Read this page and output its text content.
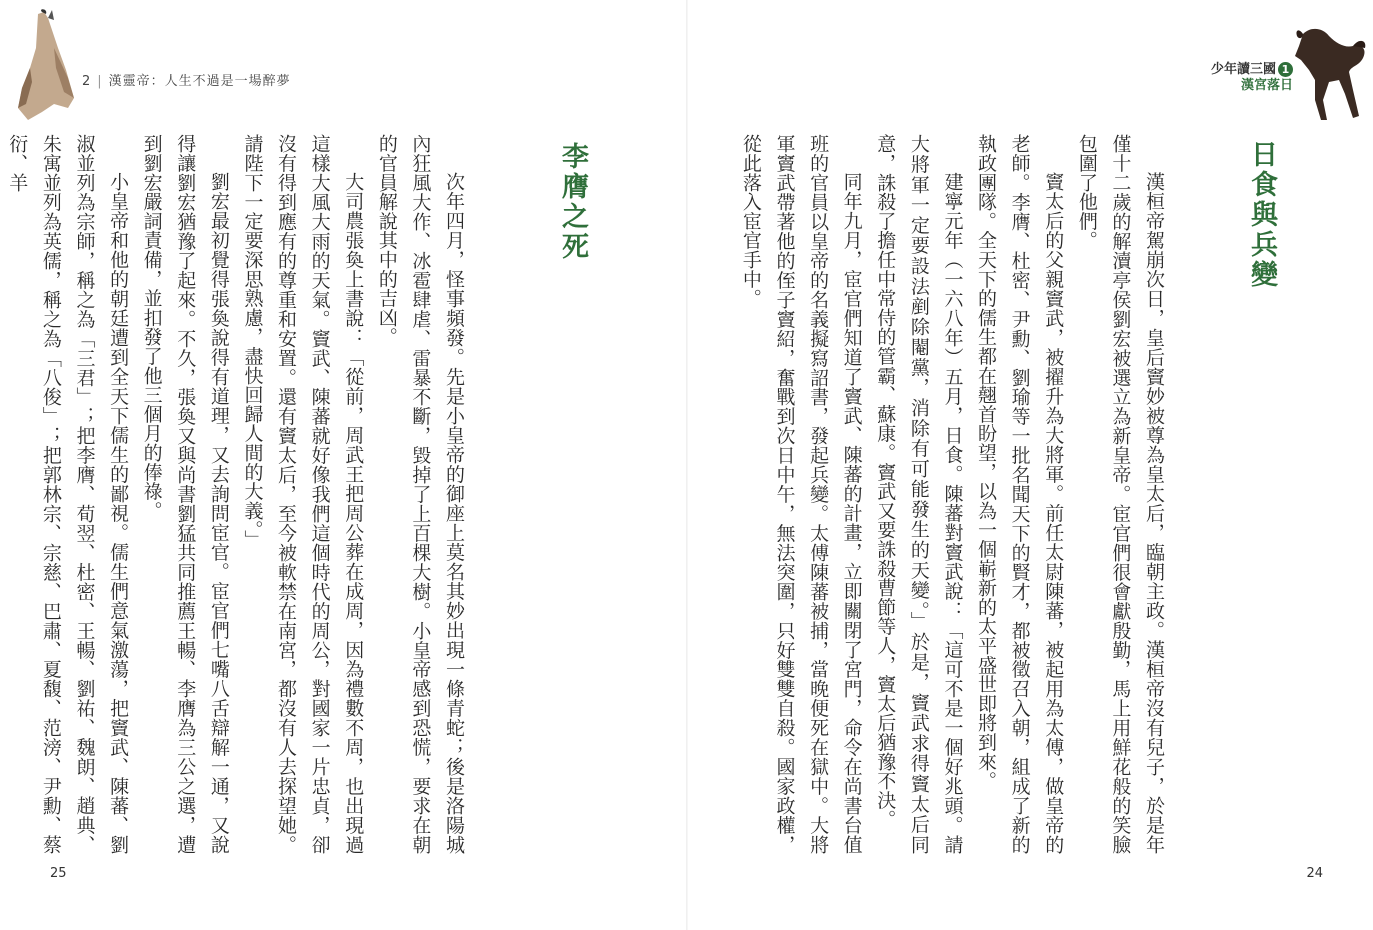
2 | 漢靈帝：人生不過是一場醉夢
少年讀三國 1
漢宮落日
日食與兵變

漢桓帝駕崩次日，皇后竇妙被尊為皇太后，臨朝主政。漢桓帝沒有兒子，於是年僅十二歲的解瀆亭侯劉宏被選立為新皇帝。宦官們很會獻殷勤，馬上用鮮花般的笑臉包圍了他們。

竇太后的父親竇武，被擢升為大將軍。前任太尉陳蕃，被起用為太傅，做皇帝的老師。李膺、杜密、尹勳、劉瑜等一批名聞天下的賢才，都被徵召入朝，組成了新的執政團隊。全天下的儒生都在翹首盼望，以為一個嶄新的太平盛世即將到來。

建寧元年（一六八年）五月，日食。陳蕃對竇武說：「這可不是一個好兆頭。請大將軍一定要設法剷除閹黨，消除有可能發生的天變。」於是，竇武求得竇太后同意，誅殺了擔任中常侍的管霸、蘇康。竇武又要誅殺曹節等人，竇太后猶豫不決。

同年九月，宦官們知道了竇武、陳蕃的計畫，立即關閉了宮門，命令在尚書台值班的官員以皇帝的名義擬寫詔書，發起兵變。太傅陳蕃被捕，當晚便死在獄中。大將軍竇武帶著他的侄子竇紹，奮戰到次日中午，無法突圍，只好雙雙自殺。國家政權，從此落入宦官手中。

李膺之死

次年四月，怪事頻發。先是小皇帝的御座上莫名其妙出現一條青蛇；後是洛陽城內狂風大作、冰雹肆虐、雷暴不斷，毀掉了上百棵大樹。小皇帝感到恐慌，要求在朝的官員解說其中的吉凶。

大司農張奐上書說：「從前，周武王把周公葬在成周，因為禮數不周，也出現過這樣大風大雨的天氣。竇武、陳蕃就好像我們這個時代的周公，對國家一片忠貞，卻沒有得到應有的尊重和安置。還有竇太后，至今被軟禁在南宮，都沒有人去探望她。請陛下一定要深思熟慮，盡快回歸人間的大義。」

劉宏最初覺得張奐說得有道理，又去詢問宦官。宦官們七嘴八舌辯解一通，又說得讓劉宏猶豫了起來。不久，張奐又與尚書劉猛共同推薦王暢、李膺為三公之選，遭到劉宏嚴詞責備，並扣發了他三個月的俸祿。

小皇帝和他的朝廷遭到全天下儒生的鄙視。儒生們意氣激蕩，把竇武、陳蕃、劉淑並列為宗師，稱之為「三君」；把李膺、荀翌、杜密、王暢、劉祐、魏朗、趙典、朱寓並列為英儒，稱之為「八俊」；把郭林宗、宗慈、巴肅、夏馥、范滂、尹勳、蔡衍、羊

25	24
